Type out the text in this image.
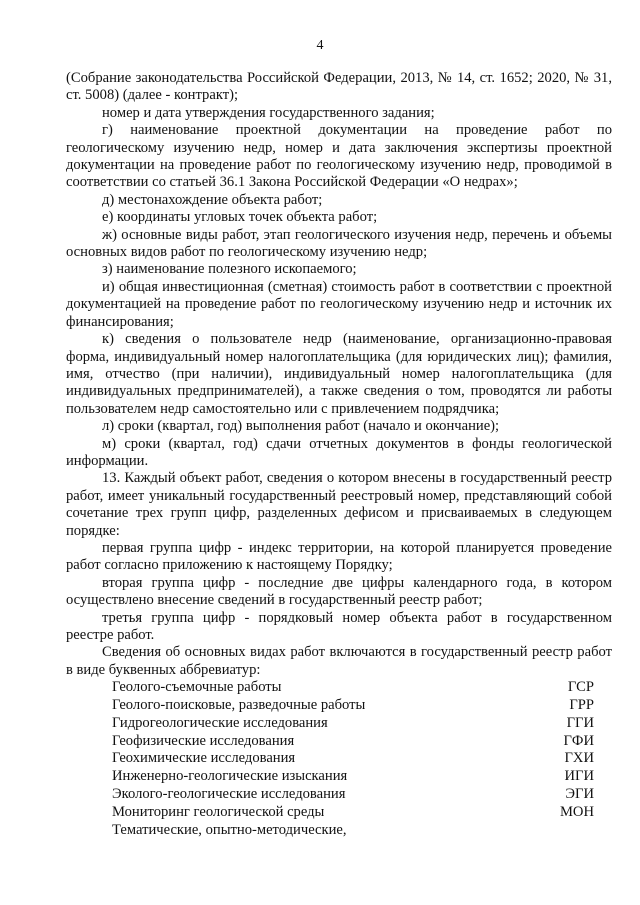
4

(Собрание законодательства Российской Федерации, 2013, № 14, ст. 1652; 2020, № 31, ст. 5008) (далее - контракт);

номер и дата утверждения государственного задания;

г) наименование проектной документации на проведение работ по геологическому изучению недр, номер и дата заключения экспертизы проектной документации на проведение работ по геологическому изучению недр, проводимой в соответствии со статьей 36.1 Закона Российской Федерации «О недрах»;

д) местонахождение объекта работ;

е) координаты угловых точек объекта работ;

ж) основные виды работ, этап геологического изучения недр, перечень и объемы основных видов работ по геологическому изучению недр;

з) наименование полезного ископаемого;

и) общая инвестиционная (сметная) стоимость работ в соответствии с проектной документацией на проведение работ по геологическому изучению недр и источник их финансирования;

к) сведения о пользователе недр (наименование, организационно-правовая форма, индивидуальный номер налогоплательщика (для юридических лиц); фамилия, имя, отчество (при наличии), индивидуальный номер налогоплательщика (для индивидуальных предпринимателей), а также сведения о том, проводятся ли работы пользователем недр самостоятельно или с привлечением подрядчика;

л) сроки (квартал, год) выполнения работ (начало и окончание);

м) сроки (квартал, год) сдачи отчетных документов в фонды геологической информации.

13. Каждый объект работ, сведения о котором внесены в государственный реестр работ, имеет уникальный государственный реестровый номер, представляющий собой сочетание трех групп цифр, разделенных дефисом и присваиваемых в следующем порядке:

первая группа цифр - индекс территории, на которой планируется проведение работ согласно приложению к настоящему Порядку;

вторая группа цифр - последние две цифры календарного года, в котором осуществлено внесение сведений в государственный реестр работ;

третья группа цифр - порядковый номер объекта работ в государственном реестре работ.

Сведения об основных видах работ включаются в государственный реестр работ в виде буквенных аббревиатур:

Геолого-съемочные работы	ГСР
Геолого-поисковые, разведочные работы	ГРР
Гидрогеологические исследования	ГГИ
Геофизические исследования	ГФИ
Геохимические исследования	ГХИ
Инженерно-геологические изыскания	ИГИ
Эколого-геологические исследования	ЭГИ
Мониторинг геологической среды	МОН
Тематические, опытно-методические,
